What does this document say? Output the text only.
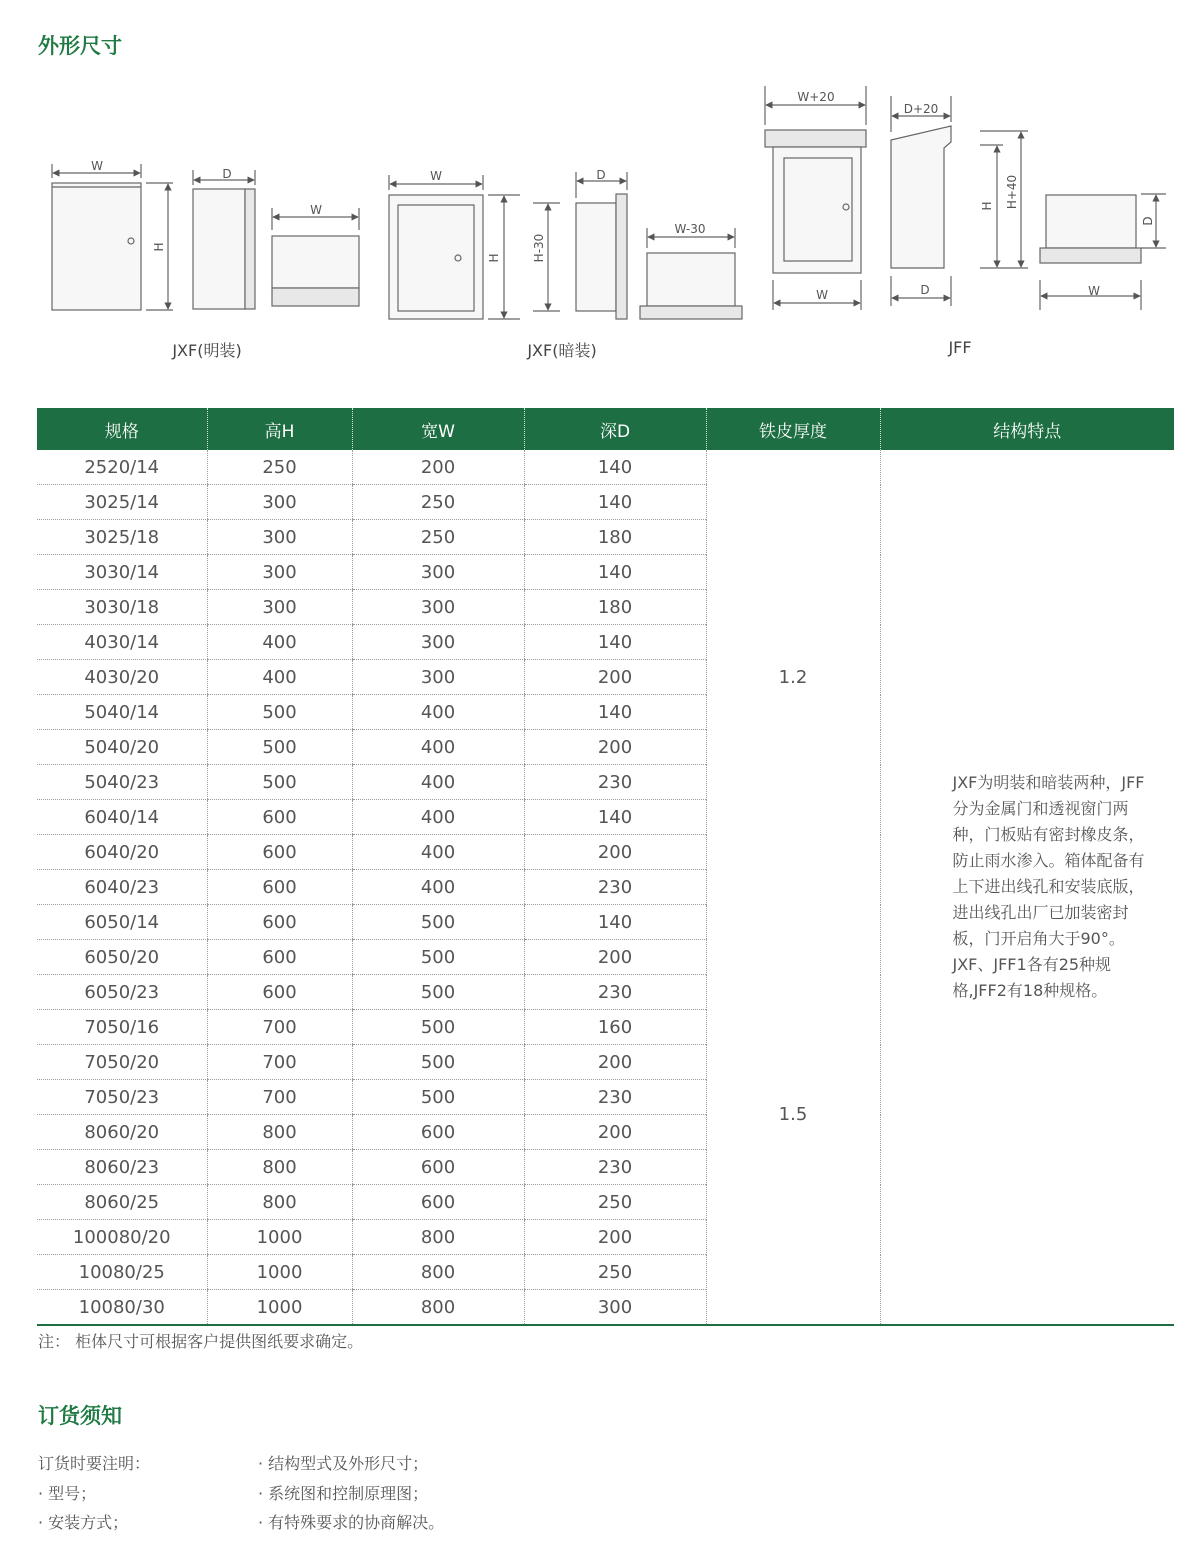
外形尺寸
W
D
W
W	D
W-30
W+20
D+20
W	D	W
H
H	H-30
H H+40
D
JXF(明装)	JXF(暗装)	JFF
规格	高H	宽W	深D	铁皮厚度	结构特点
2520/14	250	200	140	1.2	JXF为明装和暗装两种，JFF分为金属门和透视窗门两种，门板贴有密封橡皮条，防止雨水渗入。箱体配备有上下进出线孔和安装底版，进出线孔出厂已加装密封板，门开启角大于90°。JXF、JFF1各有25种规格,JFF2有18种规格。
3025/14	300	250	140		
3025/18	300	250	180		
3030/14	300	300	140		
3030/18	300	300	180		
4030/14	400	300	140		
4030/20	400	300	200		
5040/14	500	400	140		
5040/20	500	400	200		
5040/23	500	400	230		
6040/14	600	400	140		
6040/20	600	400	200		
6040/23	600	400	230		
6050/14	600	500	140	1.5	
6050/20	600	500	200		
6050/23	600	500	230		
7050/16	700	500	160		
7050/20	700	500	200		
7050/23	700	500	230		
8060/20	800	600	200		
8060/23	800	600	230		
8060/25	800	600	250		
100080/20	1000	800	200		
10080/25	1000	800	250		
10080/30	1000	800	300		
注： 柜体尺寸可根据客户提供图纸要求确定。
订货须知
订货时要注明：
· 型号；
· 安装方式；
· 结构型式及外形尺寸；
· 系统图和控制原理图；
· 有特殊要求的协商解决。
